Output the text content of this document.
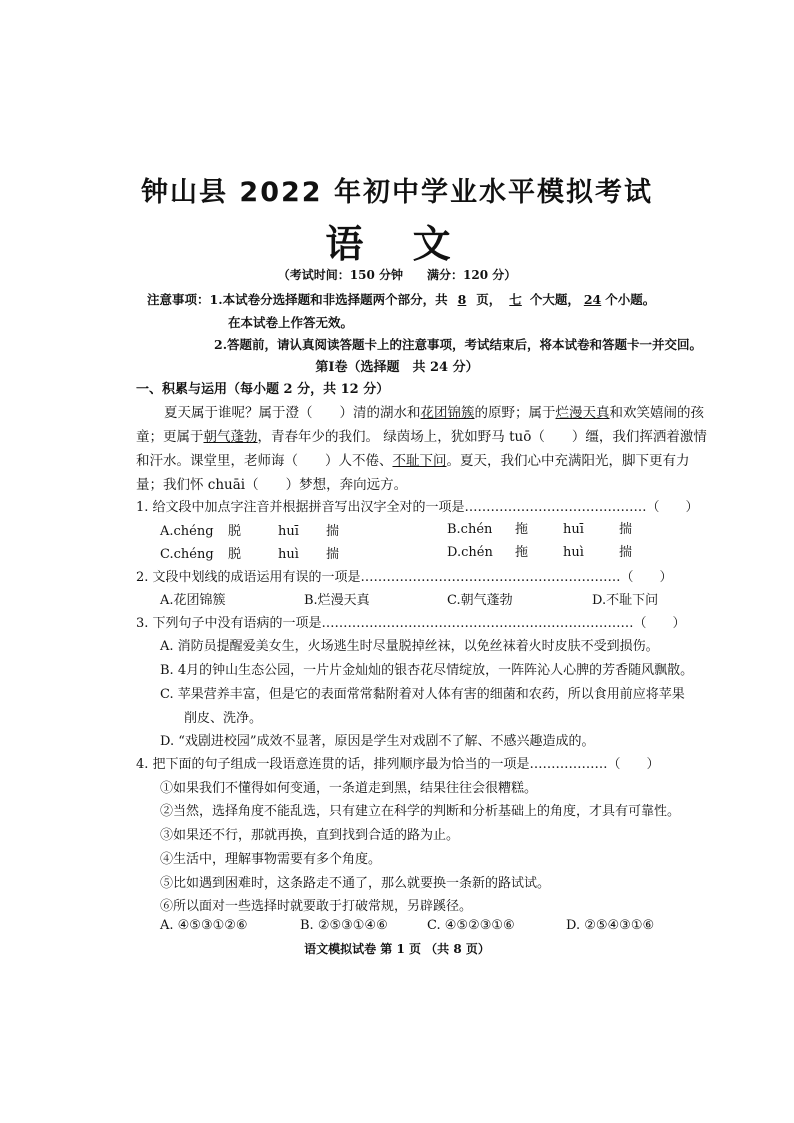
钟山县 2022 年初中学业水平模拟考试
语 文
（考试时间：150 分钟　　满分：120 分）
注意事项：1.本试卷分选择题和非选择题两个部分，共 8 页， 七 个大题， 24 个小题。
在本试卷上作答无效。
2.答题前，请认真阅读答题卡上的注意事项，考试结束后，将本试卷和答题卡一并交回。
第Ⅰ卷（选择题　共 24 分）
一、积累与运用（每小题 2 分，共 12 分）
夏天属于谁呢？属于澄（　　）清的湖水和花团锦簇的原野；属于烂漫天真和欢笑嬉闹的孩
童；更属于朝气蓬勃，青春年少的我们。 绿茵场上，犹如野马 tuō（　　）缰，我们挥洒着激情
和汗水。课堂里，老师诲（　　）人不倦、不耻下问。夏天，我们心中充满阳光，脚下更有力
量；我们怀 chuāi（　　）梦想，奔向远方。
1. 给文段中加点字注音并根据拼音写出汉字全对的一项是……………………………………（　　）
A.chéng 脱	huī 揣	B.chén 拖	huī	揣
C.chéng 脱	huì 揣	D.chén 拖	huì	揣
2. 文段中划线的成语运用有误的一项是……………………………………………………（　　）
A.花团锦簇	B.烂漫天真	C.朝气蓬勃	D.不耻下问
3. 下列句子中没有语病的一项是………………………………………………………………（　　）
A. 消防员提醒爱美女生，火场逃生时尽量脱掉丝袜，以免丝袜着火时皮肤不受到损伤。
B. 4月的钟山生态公园，一片片金灿灿的银杏花尽情绽放，一阵阵沁人心脾的芳香随风飘散。
C. 苹果营养丰富，但是它的表面常常黏附着对人体有害的细菌和农药，所以食用前应将苹果
削皮、洗净。
D. “戏剧进校园”成效不显著，原因是学生对戏剧不了解、不感兴趣造成的。
4. 把下面的句子组成一段语意连贯的话，排列顺序最为恰当的一项是………………（　　）
①如果我们不懂得如何变通，一条道走到黑，结果往往会很糟糕。
②当然，选择角度不能乱选，只有建立在科学的判断和分析基础上的角度，才具有可靠性。
③如果还不行，那就再换，直到找到合适的路为止。
④生活中，理解事物需要有多个角度。
⑤比如遇到困难时，这条路走不通了，那么就要换一条新的路试试。
⑥所以面对一些选择时就要敢于打破常规，另辟蹊径。
A. ④⑤③①②⑥	B. ②⑤③①④⑥	C. ④⑤②③①⑥	D. ②⑤④③①⑥
语文模拟试卷 第 1 页 （共 8 页）
